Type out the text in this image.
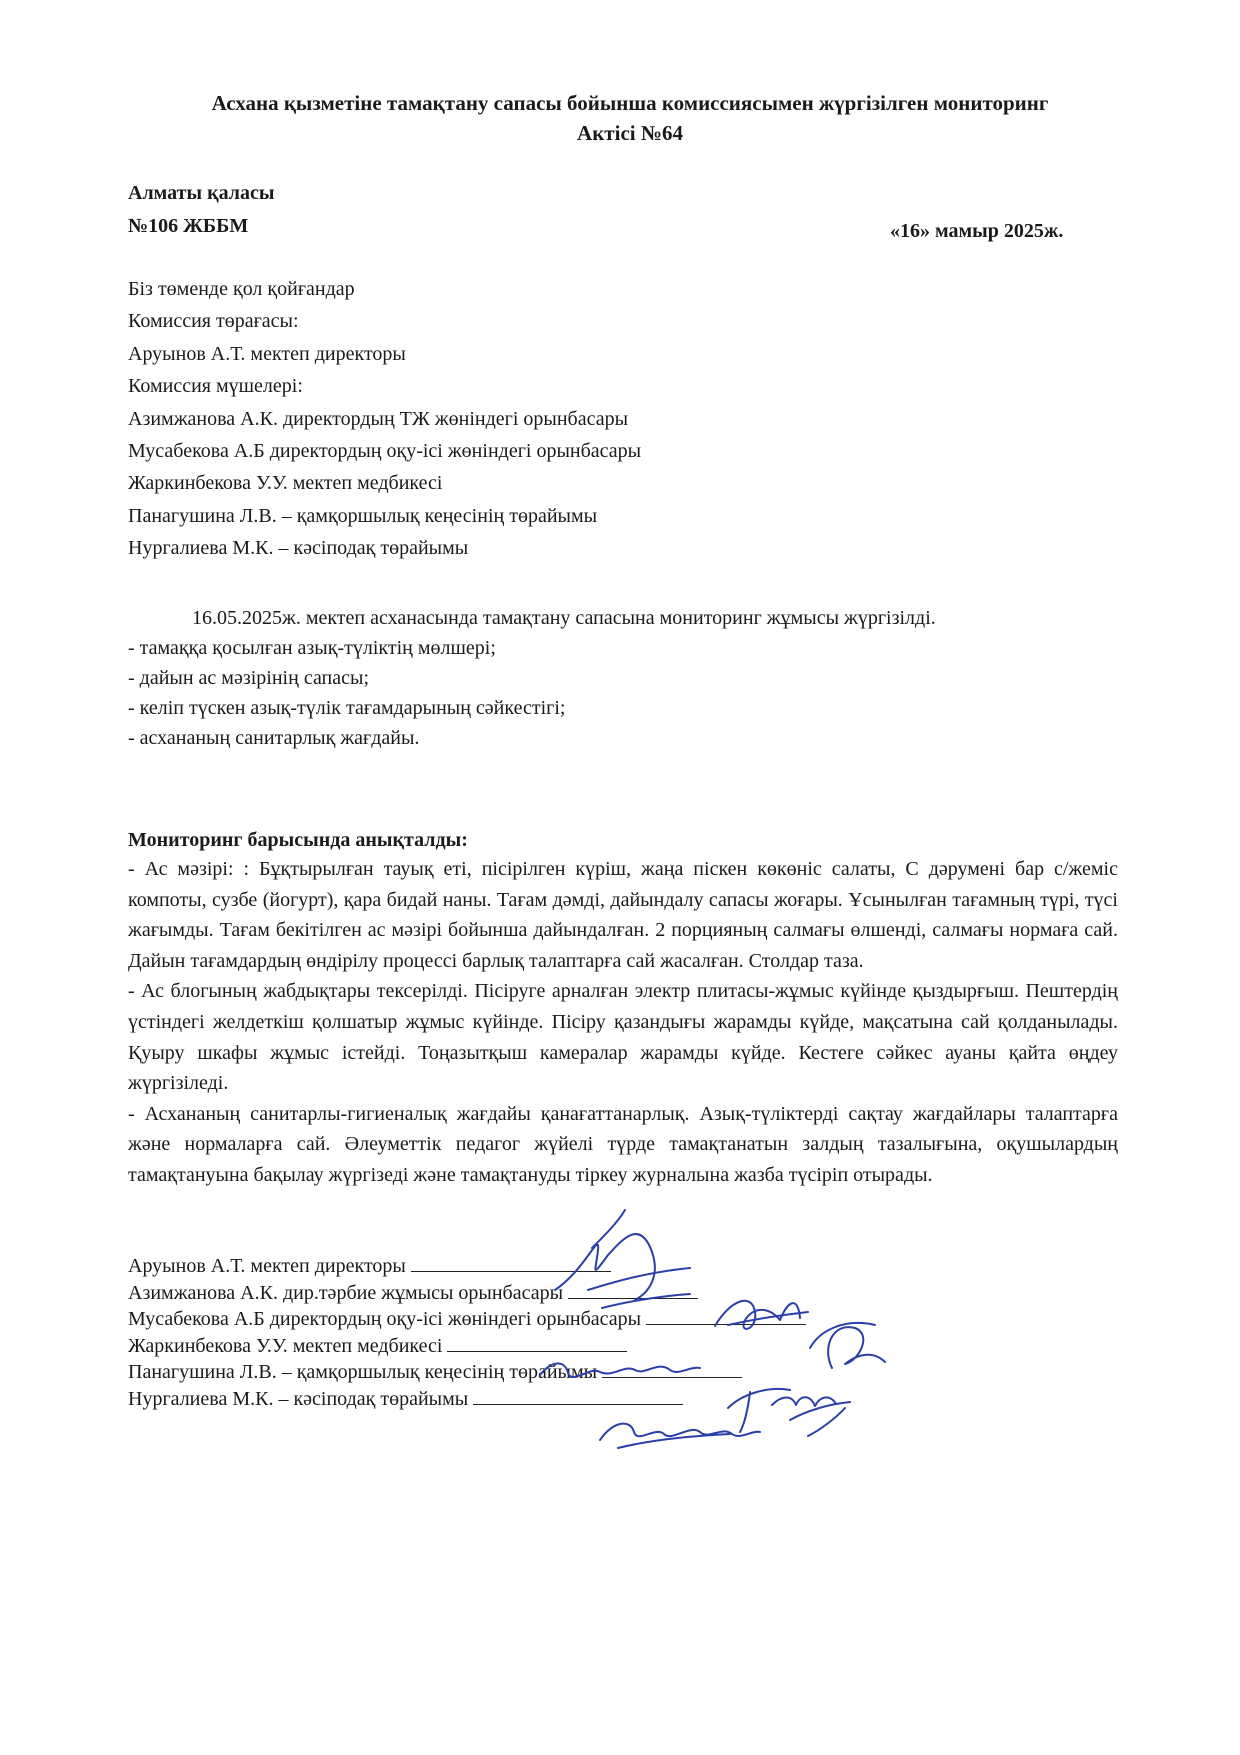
Асхана қызметіне тамақтану сапасы бойынша комиссиясымен жүргізілген мониторинг
Актісі №64
Алматы қаласы
№106 ЖББМ	«16» мамыр 2025ж.
Біз төменде қол қойғандар
Комиссия төрағасы:
Аруынов А.Т. мектеп директоры
Комиссия мүшелері:
Азимжанова А.К. директордың ТЖ жөніндегі орынбасары
Мусабекова А.Б директордың оқу-ісі жөніндегі орынбасары
Жаркинбекова У.У. мектеп медбикесі
Панагушина Л.В. – қамқоршылық кеңесінің төрайымы
Нургалиева М.К. – кәсіподақ төрайымы
16.05.2025ж. мектеп асханасында тамақтану сапасына мониторинг жұмысы жүргізілді.
- тамаққа қосылған азық-түліктің мөлшері;
- дайын ас мәзірінің сапасы;
- келіп түскен азық-түлік тағамдарының сәйкестігі;
- асхананың санитарлық жағдайы.
Мониторинг барысында анықталды:

- Ас мәзірі: : Бұқтырылған тауық еті, пісірілген күріш, жаңа піскен көкөніс салаты, С дәрумені бар с/жеміс компоты, сузбе (йогурт), қара бидай наны. Тағам дәмді, дайындалу сапасы жоғары. Ұсынылған тағамның түрі, түсі жағымды. Тағам бекітілген ас мәзірі бойынша дайындалған. 2 порцияның салмағы өлшенді, салмағы нормаға сай. Дайын тағамдардың өндірілу процессі барлық талаптарға сай жасалған. Столдар таза.

- Ас блогының жабдықтары тексерілді. Пісіруге арналған электр плитасы-жұмыс күйінде қыздырғыш. Пештердің үстіндегі желдеткіш қолшатыр жұмыс күйінде. Пісіру қазандығы жарамды күйде, мақсатына сай қолданылады. Қуыру шкафы жұмыс істейді. Тоңазытқыш камералар жарамды күйде. Кестеге сәйкес ауаны қайта өңдеу жүргізіледі.

- Асхананың санитарлы-гигиеналық жағдайы қанағаттанарлық. Азық-түліктерді сақтау жағдайлары талаптарға және нормаларға сай. Әлеуметтік педагог жүйелі түрде тамақтанатын залдың тазалығына, оқушылардың тамақтануына бақылау жүргізеді және тамақтануды тіркеу журналына жазба түсіріп отырады.

Аруынов А.Т. мектеп директоры
Азимжанова А.К. дир.тәрбие жұмысы орынбасары
Мусабекова А.Б директордың оқу-ісі жөніндегі орынбасары
Жаркинбекова У.У. мектеп медбикесі
Панагушина Л.В. – қамқоршылық кеңесінің төрайымы
Нургалиева М.К. – кәсіподақ төрайымы
